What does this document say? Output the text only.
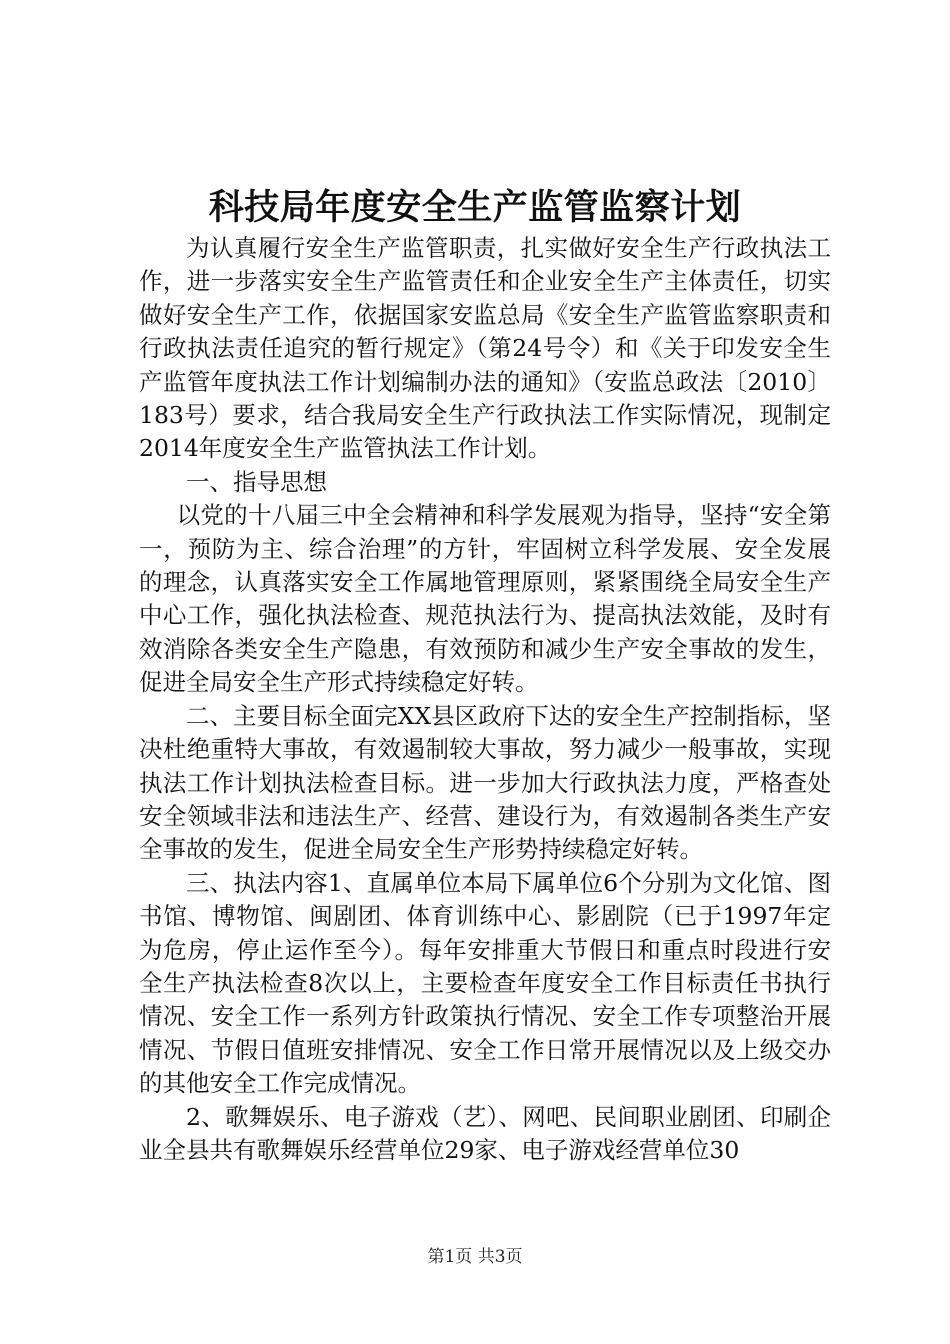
科技局年度安全生产监管监察计划

为认真履行安全生产监管职责，扎实做好安全生产行政执法工作，进一步落实安全生产监管责任和企业安全生产主体责任，切实做好安全生产工作，依据国家安监总局《安全生产监管监察职责和行政执法责任追究的暂行规定》（第24号令）和《关于印发安全生产监管年度执法工作计划编制办法的通知》（安监总政法〔2010〕183号）要求，结合我局安全生产行政执法工作实际情况，现制定2014年度安全生产监管执法工作计划。

一、指导思想

以党的十八届三中全会精神和科学发展观为指导，坚持“安全第一，预防为主、综合治理”的方针，牢固树立科学发展、安全发展的理念，认真落实安全工作属地管理原则，紧紧围绕全局安全生产中心工作，强化执法检查、规范执法行为、提高执法效能，及时有效消除各类安全生产隐患，有效预防和减少生产安全事故的发生，促进全局安全生产形式持续稳定好转。

二、主要目标全面完XX县区政府下达的安全生产控制指标，坚决杜绝重特大事故，有效遏制较大事故，努力减少一般事故，实现执法工作计划执法检查目标。进一步加大行政执法力度，严格查处安全领域非法和违法生产、经营、建设行为，有效遏制各类生产安全事故的发生，促进全局安全生产形势持续稳定好转。

三、执法内容1、直属单位本局下属单位6个分别为文化馆、图书馆、博物馆、闽剧团、体育训练中心、影剧院（已于1997年定为危房，停止运作至今）。每年安排重大节假日和重点时段进行安全生产执法检查8次以上，主要检查年度安全工作目标责任书执行情况、安全工作一系列方针政策执行情况、安全工作专项整治开展情况、节假日值班安排情况、安全工作日常开展情况以及上级交办的其他安全工作完成情况。

2、歌舞娱乐、电子游戏（艺）、网吧、民间职业剧团、印刷企业全县共有歌舞娱乐经营单位29家、电子游戏经营单位30

第1页 共3页
